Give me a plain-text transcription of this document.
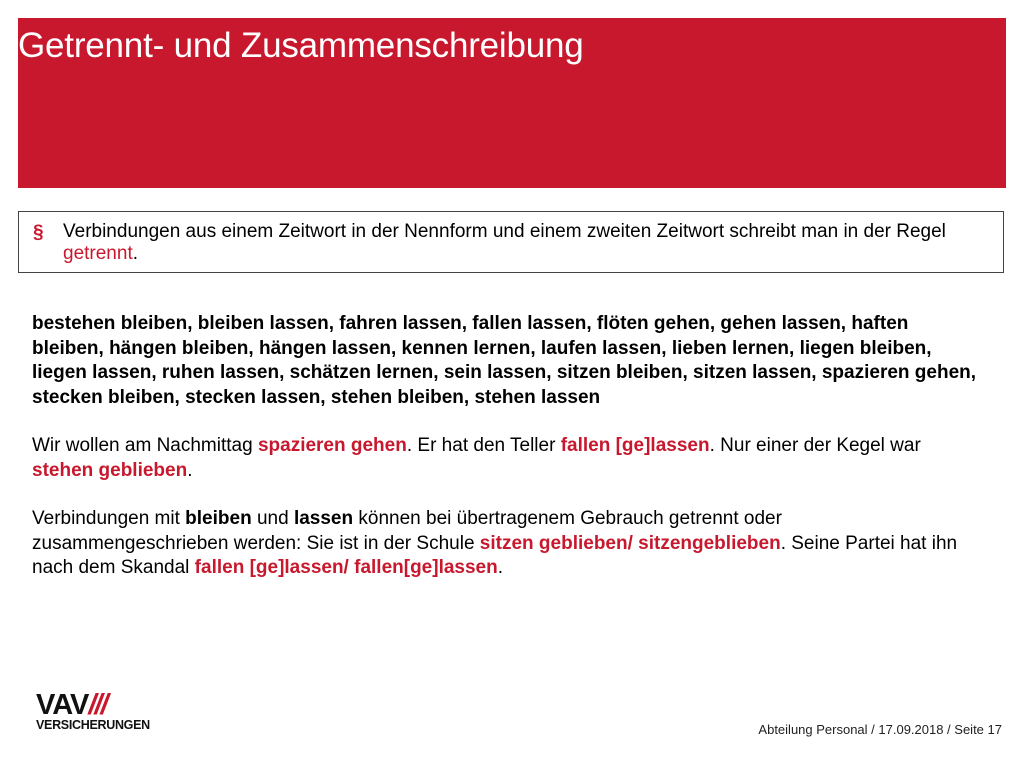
Getrennt- und Zusammenschreibung
§ Verbindungen aus einem Zeitwort in der Nennform und einem zweiten Zeitwort schreibt man in der Regel getrennt.

bestehen bleiben, bleiben lassen, fahren lassen, fallen lassen, flöten gehen, gehen lassen, haften bleiben, hängen bleiben, hängen lassen, kennen lernen, laufen lassen, lieben lernen, liegen bleiben, liegen lassen, ruhen lassen, schätzen lernen, sein lassen, sitzen bleiben, sitzen lassen, spazieren gehen, stecken bleiben, stecken lassen, stehen bleiben, stehen lassen

Wir wollen am Nachmittag spazieren gehen. Er hat den Teller fallen [ge]lassen. Nur einer der Kegel war stehen geblieben.

Verbindungen mit bleiben und lassen können bei übertragenem Gebrauch getrennt oder zusammengeschrieben werden: Sie ist in der Schule sitzen geblieben/ sitzengeblieben. Seine Partei hat ihn nach dem Skandal fallen [ge]lassen/ fallen[ge]lassen.

VAV///
VERSICHERUNGEN	Abteilung Personal / 17.09.2018 / Seite 17
